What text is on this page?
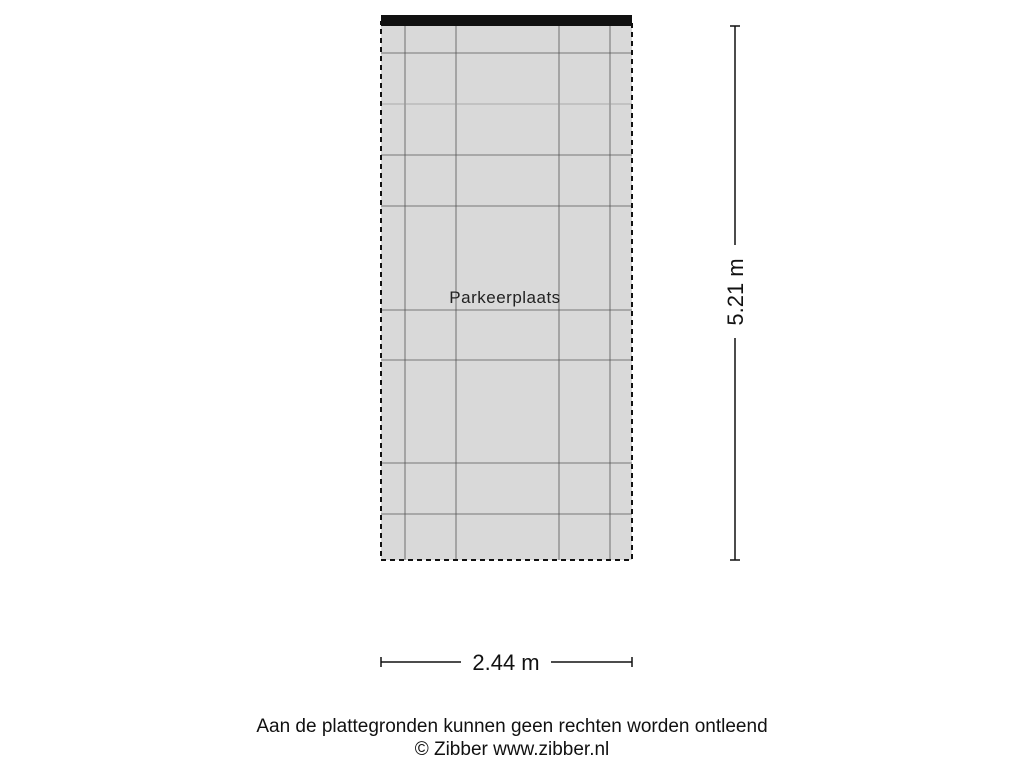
Parkeerplaats
2.44 m
5.21 m
Aan de plattegronden kunnen geen rechten worden ontleend
© Zibber www.zibber.nl
